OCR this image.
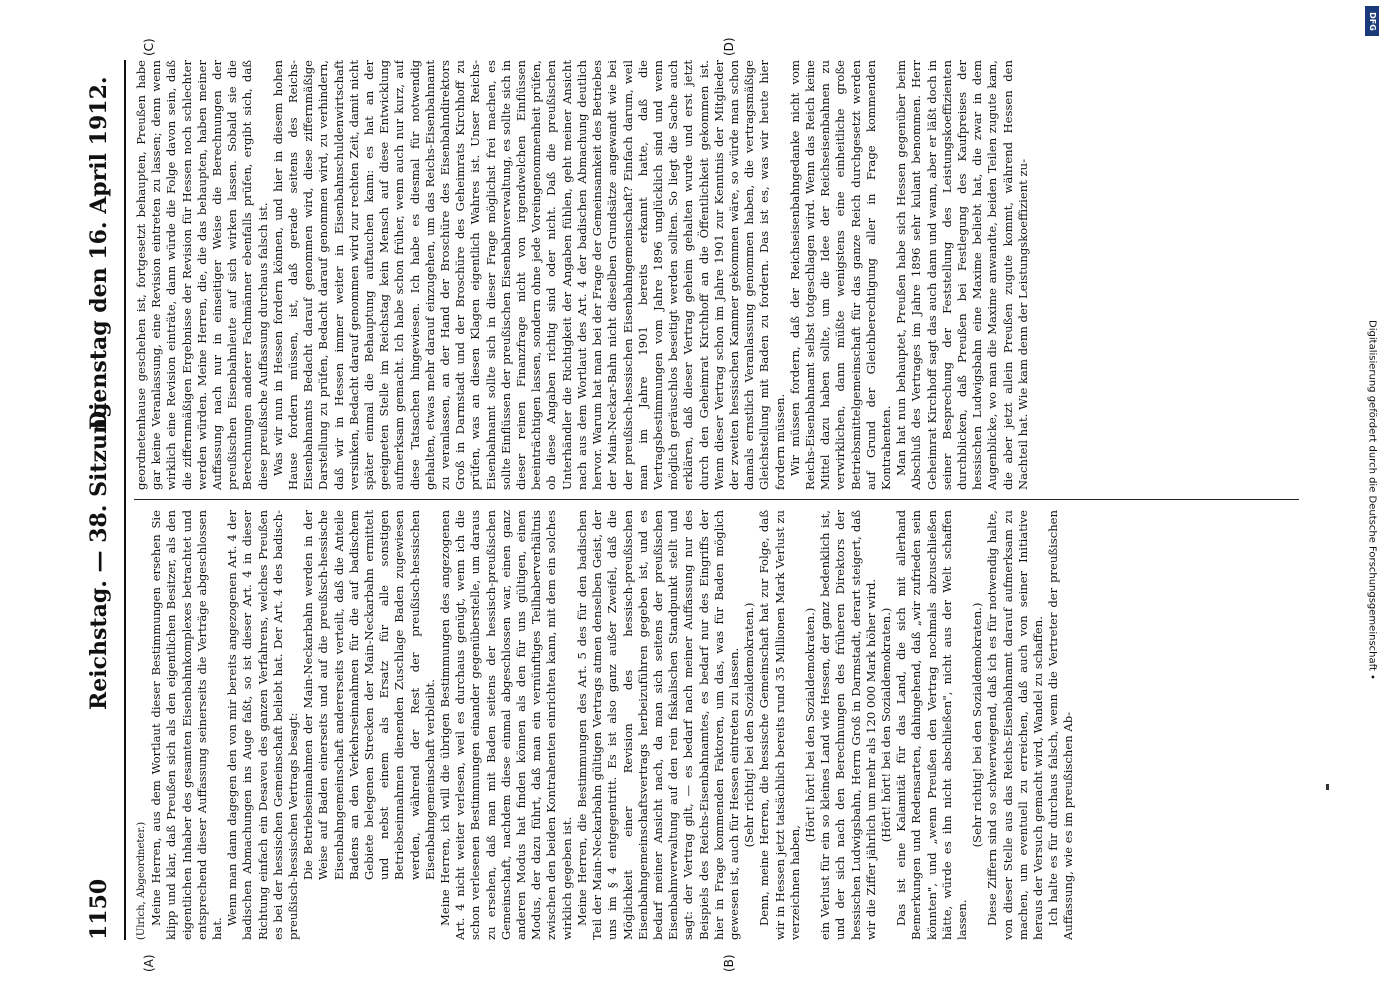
1150
Reichstag. — 38. Sitzung.
Dienstag den 16. April 1912.
(A)	(B)
(C)	(D)

(Ulrich, Abgeordneter.) Meine Herren, aus dem Wortlaut dieser Bestimmungen ersehen Sie klipp und klar, daß Preußen sich als den eigentlichen Besitzer, als den eigentlichen Inhaber des gesamten Eisenbahnkomplexes betrachtet und entsprechend dieser Auffassung seinerseits die Verträge abgeschlossen hat.

Wenn man dann dagegen den von mir bereits angezogenen Art. 4 der badischen Abmachungen ins Auge faßt, so ist dieser Art. 4 in dieser Richtung einfach ein Desaveu des ganzen Verfahrens, welches Preußen es bei der hessischen Gemeinschaft beliebt hat. Der Art. 4 des badisch-preußisch-hessischen Vertrags besagt: Die Betriebseinnahmen der Main-Neckarbahn werden in der Weise auf Baden einerseits und auf die preußisch-hessische Eisenbahngemeinschaft andererseits verteilt, daß die Anteile Badens an den Verkehrseinnahmen für die auf badischem Gebiete belegenen Strecken der Main-Neckarbahn ermittelt und nebst einem als Ersatz für alle sonstigen Betriebseinnahmen dienenden Zuschlage Baden zugewiesen werden, während der Rest der preußisch-hessischen Eisenbahngemeinschaft verbleibt. Meine Herren, ich will die übrigen Bestimmungen des angezogenen Art. 4 nicht weiter verlesen, weil es durchaus genügt, wenn ich die schon verlesenen Bestimmungen einander gegenüberstelle, um daraus zu ersehen, daß man mit Baden seitens der hessisch-preußischen Gemeinschaft, nachdem diese einmal abgeschlossen war, einen ganz anderen Modus hat finden können als den für uns gültigen, einen Modus, der dazu führt, daß man ein vernünftiges Teilhaberverhältnis zwischen den beiden Kontrahenten einrichten kann, mit dem ein solches wirklich gegeben ist. Meine Herren, die Bestimmungen des Art. 5 des für den badischen Teil der Main-Neckarbahn gültigen Vertrags atmen denselben Geist, der uns im § 4 entgegentritt. Es ist also ganz außer Zweifel, daß die Möglichkeit einer Revision des hessisch-preußischen Eisenbahngemeinschaftsvertrags herbeizuführen gegeben ist, und es bedarf meiner Ansicht nach, da man sich seitens der preußischen Eisenbahnverwaltung auf den rein fiskalischen Standpunkt stellt und sagt: der Vertrag gilt, — es bedarf nach meiner Auffassung nur des Beispiels des Reichs-Eisenbahnamtes, es bedarf nur des Eingriffs der hier in Frage kommenden Faktoren, um das, was für Baden möglich gewesen ist, auch für Hessen eintreten zu lassen. (Sehr richtig! bei den Sozialdemokraten.) Denn, meine Herren, die hessische Gemeinschaft hat zur Folge, daß wir in Hessen jetzt tatsächlich bereits rund 35 Millionen Mark Verlust zu verzeichnen haben,

(Hört! hört! bei den Sozialdemokraten.) ein Verlust für ein so kleines Land wie Hessen, der ganz bedenklich ist, und der sich nach den Berechnungen des früheren Direktors der hessischen Ludwigsbahn, Herrn Groß in Darmstadt, derart steigert, daß wir die Ziffer jährlich um mehr als 120 000 Mark höher wird. (Hört! hört! bei den Sozialdemokraten.) Das ist eine Kalamität für das Land, die sich mit allerhand Bemerkungen und Redensarten, dahingehend, daß „wir zufrieden sein könnten", und „wenn Preußen den Vertrag nochmals abzuschließen hätte, würde es ihn nicht abschließen", nicht aus der Welt schaffen lassen.

(Sehr richtig! bei den Sozialdemokraten.) Diese Ziffern sind so schwerwiegend, daß ich es für notwendig halte, von dieser Stelle aus das Reichs-Eisenbahnamt darauf aufmerksam zu machen, um eventuell zu erreichen, daß auch von seiner Initiative heraus der Versuch gemacht wird, Wandel zu schaffen. Ich halte es für durchaus falsch, wenn die Vertreter der preußischen Auffassung, wie es im preußischen Ab-

geordnetenhause geschehen ist, fortgesetzt behaupten, Preußen habe gar keine Veranlassung, eine Revision eintreten zu lassen; denn wenn wirklich eine Revision einträte, dann würde die Folge davon sein, daß die ziffernmäßigen Ergebnisse der Revision für Hessen noch schlechter werden würden. Meine Herren, die, die das behaupten, haben meiner Auffassung nach nur in einseitiger Weise die Berechnungen der preußischen Eisenbahnleute auf sich wirken lassen. Sobald sie die Berechnungen anderer Fachmänner ebenfalls prüfen, ergibt sich, daß diese preußische Auffassung durchaus falsch ist. Was wir nun in Hessen fordern können, und hier in diesem hohen Hause fordern müssen, ist, daß gerade seitens des Reichs-Eisenbahnamts Bedacht darauf genommen wird, diese ziffernmäßige Darstellung zu prüfen, Bedacht darauf genommen wird, zu verhindern, daß wir in Hessen immer weiter in Eisenbahnschuldenwirtschaft versinken, Bedacht darauf genommen wird zur rechten Zeit, damit nicht später einmal die Behauptung auftauchen kann: es hat an der geeigneten Stelle im Reichstag kein Mensch auf diese Entwicklung aufmerksam gemacht. Ich habe schon früher, wenn auch nur kurz, auf diese Tatsachen hingewiesen. Ich habe es diesmal für notwendig gehalten, etwas mehr darauf einzugehen, um das Reichs-Eisenbahnamt zu veranlassen, an der Hand der Broschüre des Eisenbahndirektors Groß in Darmstadt und der Broschüre des Geheimrats Kirchhoff zu prüfen, was an diesen Klagen eigentlich Wahres ist. Unser Reichs-Eisenbahnamt sollte sich in dieser Frage möglichst frei machen, es sollte Einflüssen der preußischen Eisenbahnverwaltung, es sollte sich in dieser reinen Finanzfrage nicht von irgendwelchen Einflüssen beeinträchtigen lassen, sondern ohne jede Voreingenommenheit prüfen, ob diese Angaben richtig sind oder nicht. Daß die preußischen Unterhändler die Richtigkeit der Angaben fühlen, geht meiner Ansicht nach aus dem Wortlaut des Art. 4 der badischen Abmachung deutlich hervor. Warum hat man bei der Frage der Gemeinsamkeit des Betriebes der Main-Neckar-Bahn nicht dieselben Grundsätze angewandt wie bei der preußisch-hessischen Eisenbahngemeinschaft? Einfach darum, weil man im Jahre 1901 bereits erkannt hatte, daß die Vertragsbestimmungen vom Jahre 1896 unglücklich sind und wenn möglich geräuschlos beseitigt werden sollten. So liegt die Sache auch erklären, daß dieser Vertrag geheim gehalten wurde und erst jetzt durch den Geheimrat Kirchhoff an die Öffentlichkeit gekommen ist. Wenn dieser Vertrag schon im Jahre 1901 zur Kenntnis der Mitglieder der zweiten hessischen Kammer gekommen wäre, so würde man schon damals ernstlich Veranlassung genommen haben, die vertragsmäßige Gleichstellung mit Baden zu fordern. Das ist es, was wir heute hier fordern müssen. Wir müssen fordern, daß der Reichseisenbahngedanke nicht vom Reichs-Eisenbahnamt selbst totgeschlagen wird. Wenn das Reich keine Mittel dazu haben sollte, um die Idee der Reichseisenbahnen zu verwirklichen, dann müßte wenigstens eine einheitliche große Betriebsmittelgemeinschaft für das ganze Reich durchgesetzt werden auf Grund der Gleichberechtigung aller in Frage kommenden Kontrahenten. Man hat nun behauptet, Preußen habe sich Hessen gegenüber beim Abschluß des Vertrages im Jahre 1896 sehr kulant benommen. Herr Geheimrat Kirchhoff sagt das auch dann und wann, aber er läßt doch in seiner Besprechung der Feststellung des Leistungskoeffizienten durchblicken, daß Preußen bei Festlegung des Kaufpreises der hessischen Ludwigsbahn eine Maxime beliebt hat, die zwar in dem Augenblicke, wo man die Maxime anwandte, beiden Teilen zugute kam, die aber jetzt allein Preußen zugute kommt, während Hessen den Nachteil hat. Wie kam denn der Leistungskoeffizient zu-

DFG
Digitalisierung gefördert durch die Deutsche Forschungsgemeinschaft •
